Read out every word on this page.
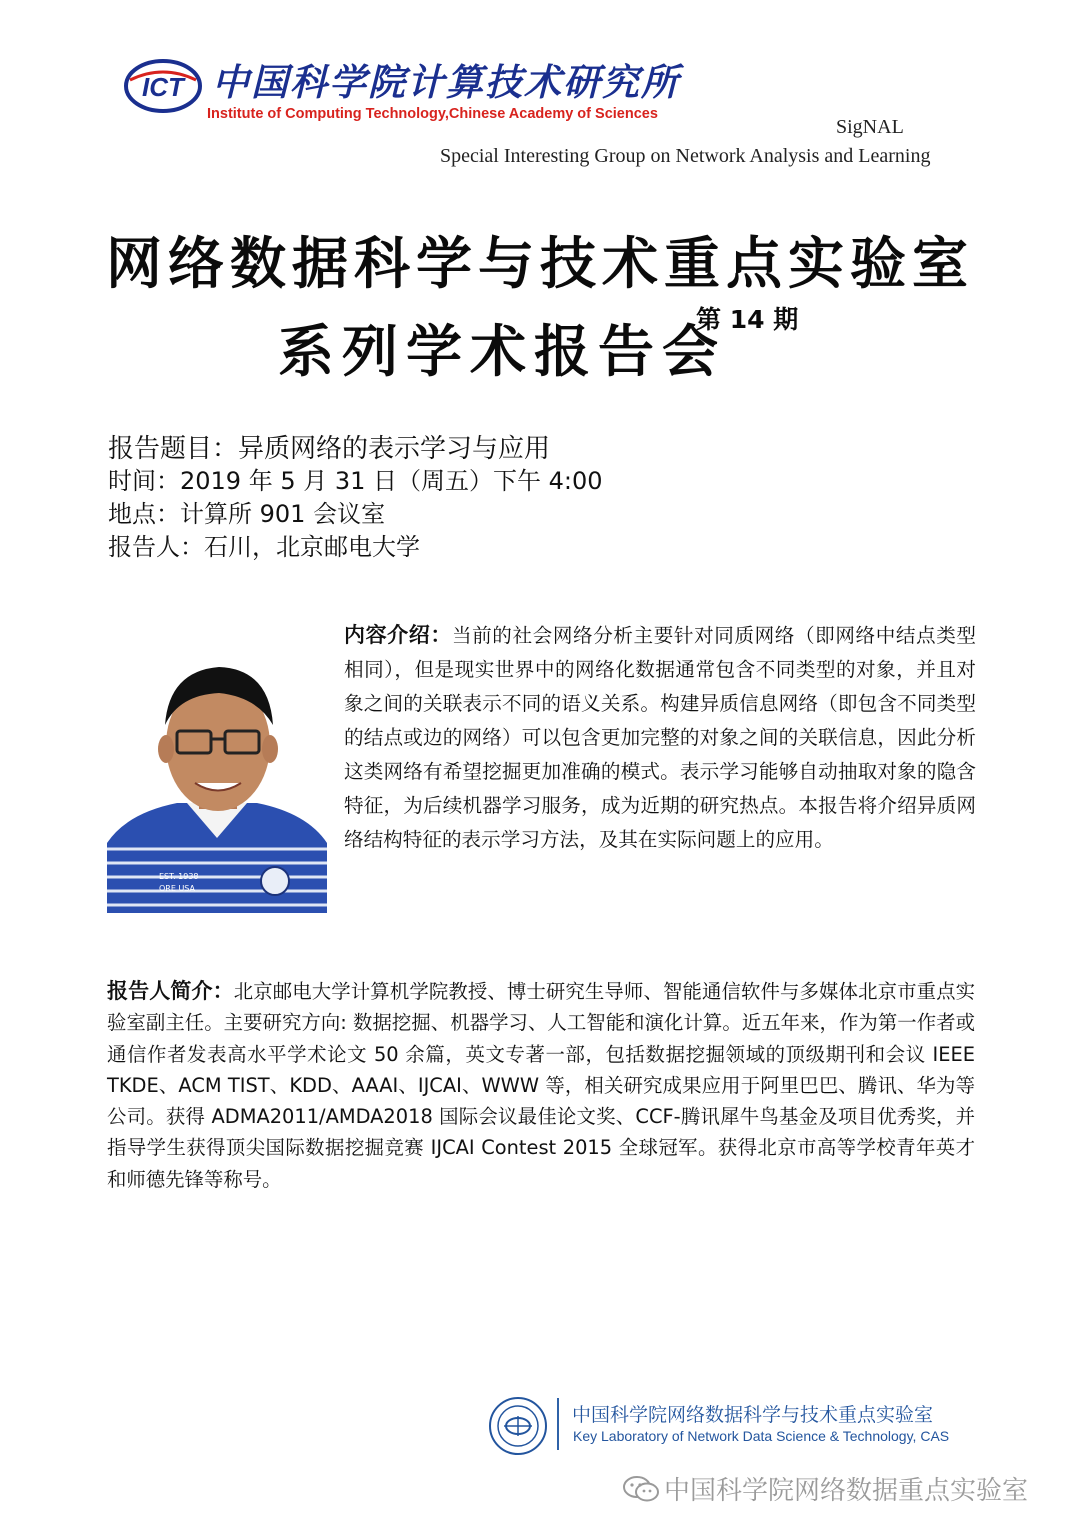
ICT 中国科学院计算技术研究所
Institute of Computing Technology,Chinese Academy of Sciences
SigNAL
Special Interesting Group on Network Analysis and Learning
网络数据科学与技术重点实验室
系列学术报告会
第 14 期
报告题目：异质网络的表示学习与应用
时间：2019 年 5 月 31 日（周五）下午 4:00
地点：计算所 901 会议室
报告人：石川，北京邮电大学
EST. 1938
ORE USA
内容介绍：当前的社会网络分析主要针对同质网络（即网络中结点类型相同），但是现实世界中的网络化数据通常包含不同类型的对象，并且对象之间的关联表示不同的语义关系。构建异质信息网络（即包含不同类型的结点或边的网络）可以包含更加完整的对象之间的关联信息，因此分析这类网络有希望挖掘更加准确的模式。表示学习能够自动抽取对象的隐含特征，为后续机器学习服务，成为近期的研究热点。本报告将介绍异质网络结构特征的表示学习方法，及其在实际问题上的应用。
报告人简介：北京邮电大学计算机学院教授、博士研究生导师、智能通信软件与多媒体北京市重点实验室副主任。主要研究方向: 数据挖掘、机器学习、人工智能和演化计算。近五年来，作为第一作者或通信作者发表高水平学术论文 50 余篇，英文专著一部，包括数据挖掘领域的顶级期刊和会议 IEEE TKDE、ACM TIST、KDD、AAAI、IJCAI、WWW 等，相关研究成果应用于阿里巴巴、腾讯、华为等公司。获得 ADMA2011/AMDA2018 国际会议最佳论文奖、CCF-腾讯犀牛鸟基金及项目优秀奖，并指导学生获得顶尖国际数据挖掘竞赛 IJCAI Contest 2015 全球冠军。获得北京市高等学校青年英才和师德先锋等称号。
中国科学院网络数据科学与技术重点实验室
Key Laboratory of Network Data Science & Technology, CAS
中国科学院网络数据重点实验室
